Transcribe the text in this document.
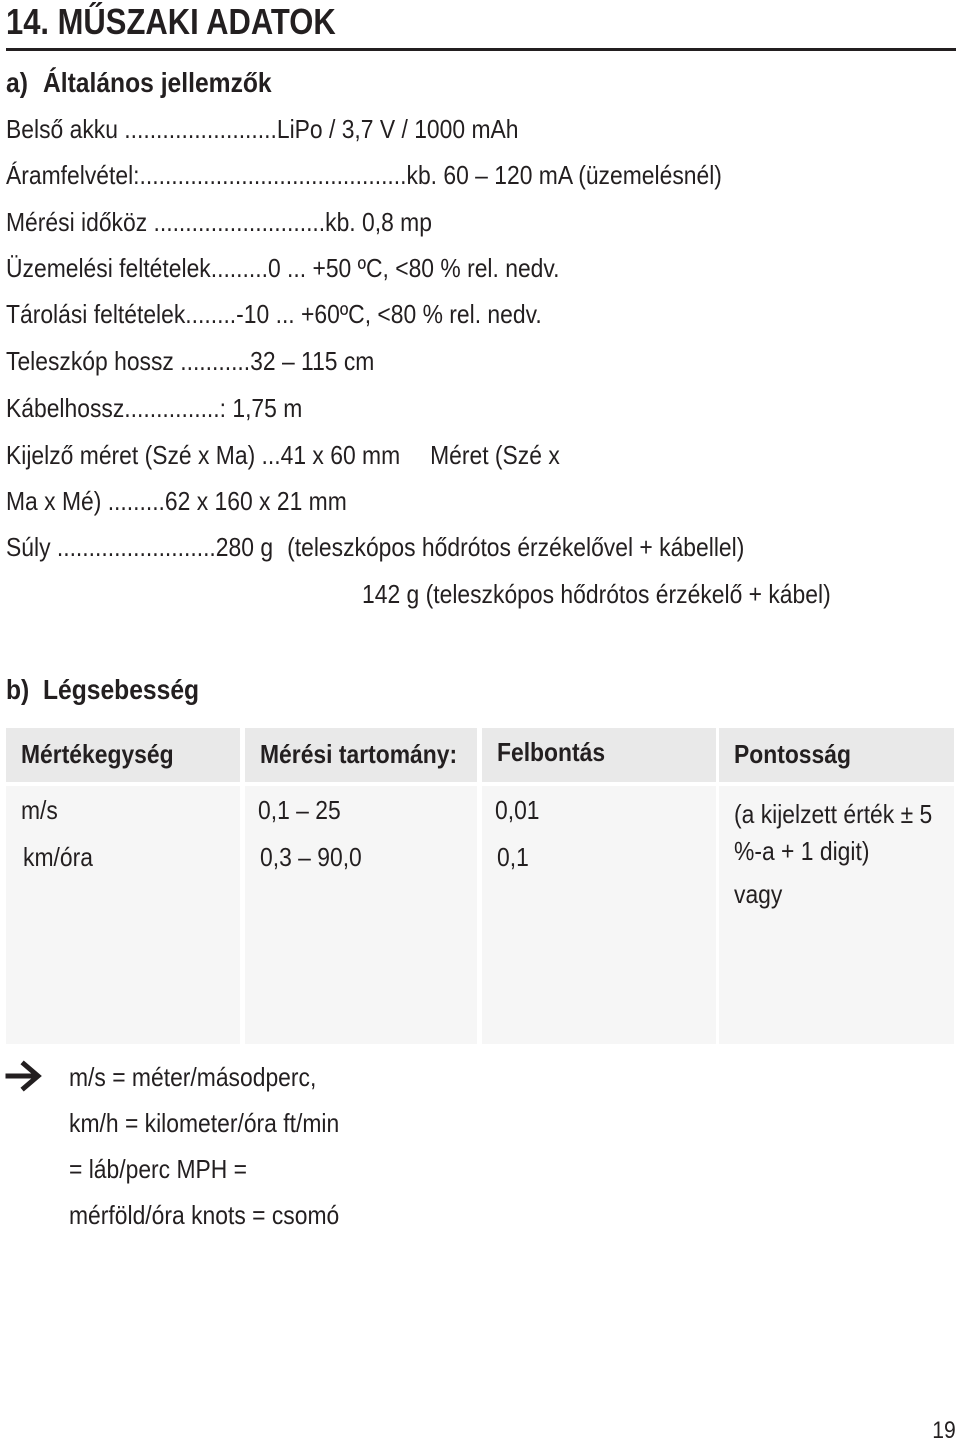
14. MŰSZAKI ADATOK
a) Általános jellemzők
Belső akku ........................LiPo / 3,7 V / 1000 mAh
Áramfelvétel:..........................................kb. 60 – 120 mA (üzemelésnél)
Mérési időköz ...........................kb. 0,8 mp
Üzemelési feltételek.........0 ... +50 ºC, <80 % rel. nedv.
Tárolási feltételek........-10 ... +60ºC, <80 % rel. nedv.
Teleszkóp hossz ...........32 – 115 cm
Kábelhossz...............: 1,75 m
Kijelző méret (Szé x Ma) ...41 x 60 mm Méret (Szé x
Ma x Mé) .........62 x 160 x 21 mm
Súly .........................280 g (teleszkópos hődrótos érzékelővel + kábellel)
142 g (teleszkópos hődrótos érzékelő + kábel)
b) Légsebesség
Mértékegység	Mérési tartomány: Felbontás	Pontosság
m/s
km/óra
0,1 – 25
0,3 – 90,0
0,01
0,1
(a kijelzett érték ± 5 %-a + 1 digit)
vagy
m/s = méter/másodperc,
km/h = kilometer/óra ft/min
= láb/perc MPH =
mérföld/óra knots = csomó
19
